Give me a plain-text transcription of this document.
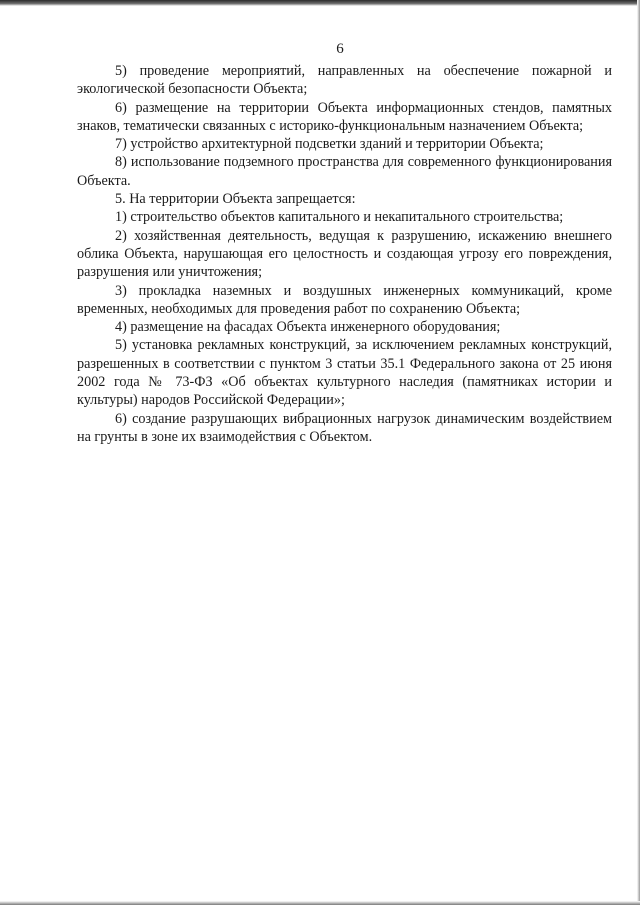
6

5) проведение мероприятий, направленных на обеспечение пожарной и экологической безопасности Объекта;

6) размещение на территории Объекта информационных стендов, памятных знаков, тематически связанных с историко-функциональным назначением Объекта;

7) устройство архитектурной подсветки зданий и территории Объекта;

8) использование подземного пространства для современного функционирования Объекта.

5. На территории Объекта запрещается:

1) строительство объектов капитального и некапитального строительства;

2) хозяйственная деятельность, ведущая к разрушению, искажению внешнего облика Объекта, нарушающая его целостность и создающая угрозу его повреждения, разрушения или уничтожения;

3) прокладка наземных и воздушных инженерных коммуникаций, кроме временных, необходимых для проведения работ по сохранению Объекта;

4) размещение на фасадах Объекта инженерного оборудования;

5) установка рекламных конструкций, за исключением рекламных конструкций, разрешенных в соответствии с пунктом 3 статьи 35.1 Федерального закона от 25 июня 2002 года № 73-ФЗ «Об объектах культурного наследия (памятниках истории и культуры) народов Российской Федерации»;

6) создание разрушающих вибрационных нагрузок динамическим воздействием на грунты в зоне их взаимодействия с Объектом.
